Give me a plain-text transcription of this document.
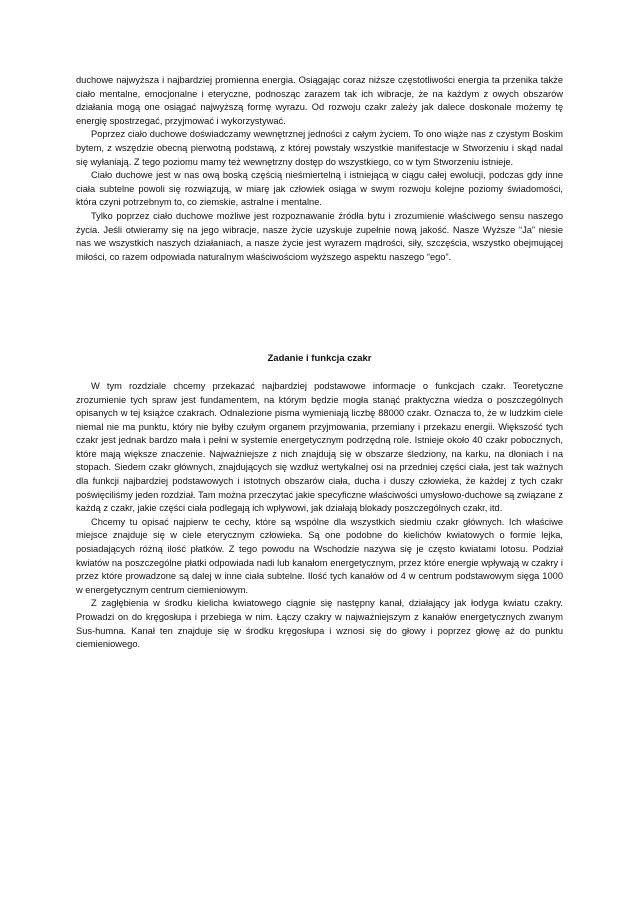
duchowe najwyższa i najbardziej promienna energia. Osiągając coraz niższe częstotliwości energia ta przenika także ciało mentalne, emocjonalne i eteryczne, podnosząc zarazem tak ich wibracje, że na każdym z owych obszarów działania mogą one osiągać najwyższą formę wyrazu. Od rozwoju czakr zależy jak dalece doskonale możemy tę energię spostrzegać, przyjmować i wykorzystywać.

Poprzez ciało duchowe doświadczamy wewnętrznej jedności z całym życiem. To ono wiąże nas z czystym Boskim bytem, z wszędzie obecną pierwotną podstawą, z której powstały wszystkie manifestacje w Stworzeniu i skąd nadal się wyłaniają. Z tego poziomu mamy też wewnętrzny dostęp do wszystkiego, co w tym Stworzeniu istnieje.

Ciało duchowe jest w nas ową boską częścią nieśmiertelną i istniejącą w ciągu całej ewolucji, podczas gdy inne ciała subtelne powoli się rozwiązują, w miarę jak człowiek osiąga w swym rozwoju kolejne poziomy świadomości, która czyni potrzebnym to, co ziemskie, astralne i mentalne.

Tylko poprzez ciało duchowe możliwe jest rozpoznawanie źródła bytu i zrozumienie właściwego sensu naszego życia. Jeśli otwieramy się na jego wibracje, nasze życie uzyskuje zupełnie nową jakość. Nasze Wyższe “Ja” niesie nas we wszystkich naszych działaniach, a nasze życie jest wyrazem mądrości, siły, szczęścia, wszystko obejmującej miłości, co razem odpowiada naturalnym właściwościom wyższego aspektu naszego “ego”.

Zadanie i funkcja czakr

W tym rozdziale chcemy przekazać najbardziej podstawowe informacje o funkcjach czakr. Teoretyczne zrozumienie tych spraw jest fundamentem, na którym będzie mogła stanąć praktyczna wiedza o poszczególnych opisanych w tej książce czakrach. Odnalezione pisma wymieniają liczbę 88000 czakr. Oznacza to, że w ludzkim ciele niemal nie ma punktu, który nie byłby czułym organem przyjmowania, przemiany i przekazu energii. Większość tych czakr jest jednak bardzo mała i pełni w systemie energetycznym podrzędną role. Istnieje około 40 czakr pobocznych, które mają większe znaczenie. Najważniejsze z nich znajdują się w obszarze śledziony, na karku, na dłoniach i na stopach. Siedem czakr głównych, znajdujących się wzdłuż wertykalnej osi na przedniej części ciała, jest tak ważnych dla funkcji najbardziej podstawowych i istotnych obszarów ciała, ducha i duszy człowieka, że każdej z tych czakr poświęciliśmy jeden rozdział. Tam można przeczytać jakie specyficzne właściwości umysłowo-duchowe są związane z każdą z czakr, jakie części ciała podlegają ich wpływowi, jak działają blokady poszczególnych czakr, itd.

Chcemy tu opisać najpierw te cechy, które są wspólne dla wszystkich siedmiu czakr głównych. Ich właściwe miejsce znajduje się w ciele eterycznym człowieka. Są one podobne do kielichów kwiatowych o formie lejka, posiadających różną ilość płatków. Z tego powodu na Wschodzie nazywa się je często kwiatami lotosu. Podział kwiatów na poszczególne płatki odpowiada nadi lub kanałom energetycznym, przez które energie wpływają w czakry i przez które prowadzone są dalej w inne ciała subtelne. Ilość tych kanałów od 4 w centrum podstawowym sięga 1000 w energetycznym centrum ciemieniowym.

Z zagłębienia w środku kielicha kwiatowego ciągnie się następny kanał, działający jak łodyga kwiatu czakry. Prowadzi on do kręgosłupa i przebiega w nim. Łączy czakry w najważniejszym z kanałów energetycznych zwanym Sus-humna. Kanał ten znajduje się w środku kręgosłupa i wznosi się do głowy i poprzez głowę aż do punktu ciemieniowego.
